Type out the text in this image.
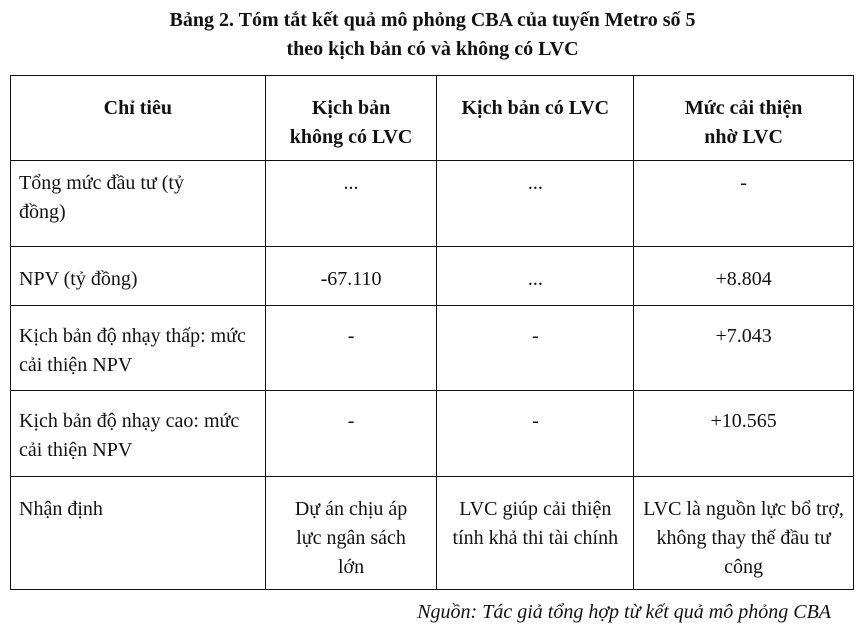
Bảng 2. Tóm tắt kết quả mô phỏng CBA của tuyến Metro số 5
theo kịch bản có và không có LVC
Chỉ tiêu	Kịch bản không có LVC	Kịch bản có LVC	Mức cải thiện nhờ LVC
Tổng mức đầu tư (tỷ đồng)	...	...	-
NPV (tỷ đồng)	-67.110	...	+8.804
Kịch bản độ nhạy thấp: mức cải thiện NPV	-	-	+7.043
Kịch bản độ nhạy cao: mức cải thiện NPV	-	-	+10.565
Nhận định	Dự án chịu áp lực ngân sách lớn	LVC giúp cải thiện tính khả thi tài chính	LVC là nguồn lực bổ trợ, không thay thế đầu tư công
Nguồn: Tác giả tổng hợp từ kết quả mô phỏng CBA
